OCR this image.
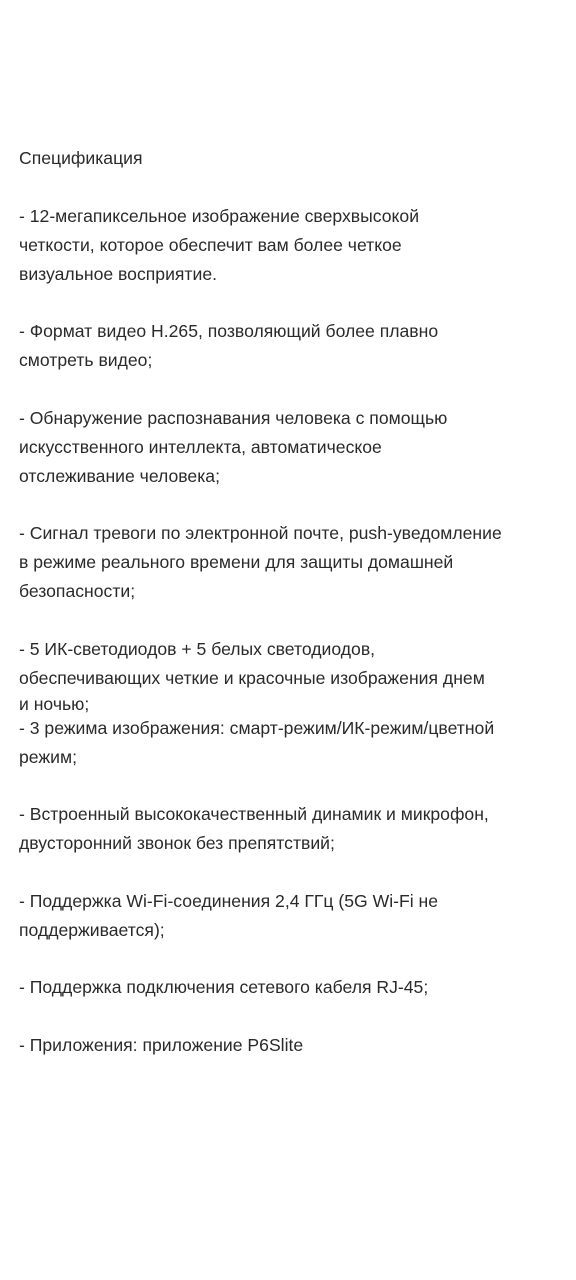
Спецификация
- 12-мегапиксельное изображение сверхвысокой
четкости, которое обеспечит вам более четкое
визуальное восприятие.
- Формат видео H.265, позволяющий более плавно
смотреть видео;
- Обнаружение распознавания человека с помощью
искусственного интеллекта, автоматическое
отслеживание человека;
- Сигнал тревоги по электронной почте, push-уведомление
в режиме реального времени для защиты домашней
безопасности;
- 5 ИК-светодиодов + 5 белых светодиодов,
обеспечивающих четкие и красочные изображения днем
и ночью;
- 3 режима изображения: смарт-режим/ИК-режим/цветной
режим;
- Встроенный высококачественный динамик и микрофон,
двусторонний звонок без препятствий;
- Поддержка Wi-Fi-соединения 2,4 ГГц (5G Wi-Fi не
поддерживается);
- Поддержка подключения сетевого кабеля RJ-45;
- Приложения: приложение P6Slite
